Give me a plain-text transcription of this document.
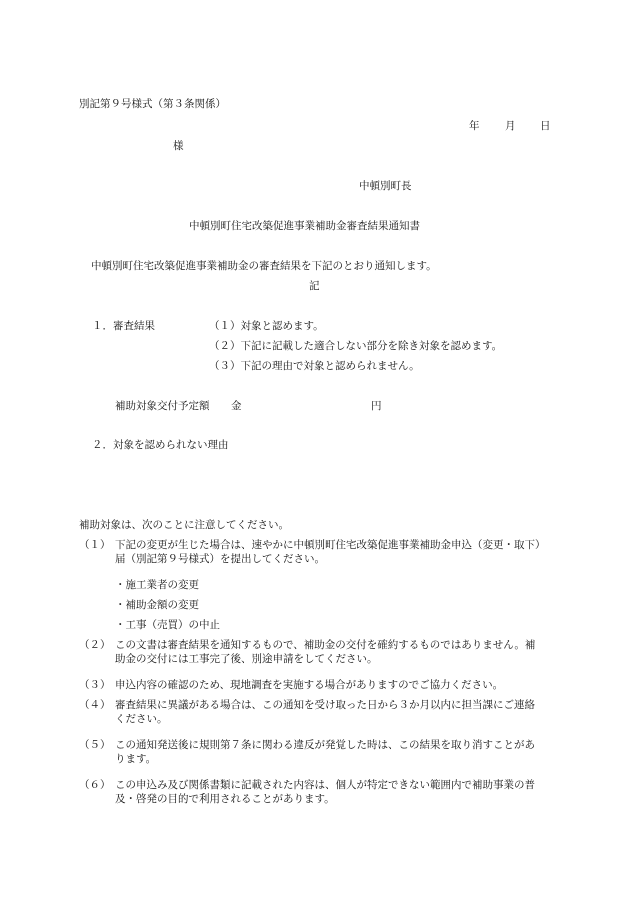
別記第９号様式（第３条関係）
年 月 日
様
中頓別町長
中頓別町住宅改築促進事業補助金審査結果通知書
中頓別町住宅改築促進事業補助金の審査結果を下記のとおり通知します。
記
１．審査結果	（１）対象と認めます。
（２）下記に記載した適合しない部分を除き対象を認めます。
（３）下記の理由で対象と認められません。
補助対象交付予定額 金	円
２．対象を認められない理由
補助対象は、次のことに注意してください。
（１） 下記の変更が生じた場合は、速やかに中頓別町住宅改築促進事業補助金申込（変更・取下）届（別記第９号様式）を提出してください。
・施工業者の変更
・補助金額の変更
・工事（売買）の中止
（２） この文書は審査結果を通知するもので、補助金の交付を確約するものではありません。補助金の交付には工事完了後、別途申請をしてください。
（３） 申込内容の確認のため、現地調査を実施する場合がありますのでご協力ください。
（４） 審査結果に異議がある場合は、この通知を受け取った日から３か月以内に担当課にご連絡ください。
（５） この通知発送後に規則第７条に関わる違反が発覚した時は、この結果を取り消すことがあります。
（６） この申込み及び関係書類に記載された内容は、個人が特定できない範囲内で補助事業の普及・啓発の目的で利用されることがあります。
